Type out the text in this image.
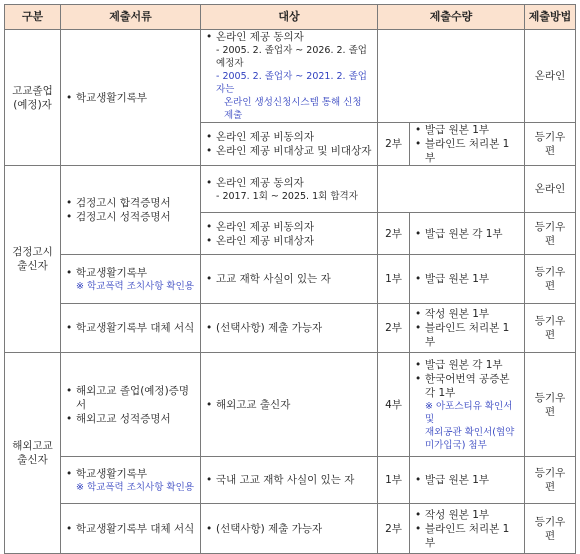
구분	제출서류	대상	제출수량		제출방법
고교졸업
(예정)자	• 학교생활기록부	• 온라인 제공 동의자
- 2005. 2. 졸업자 ~ 2026. 2. 졸업예정자
- 2005. 2. 졸업자 ~ 2021. 2. 졸업자는
온라인 생성신청시스템 통해 신청 제출			온라인

		• 온라인 제공 비동의자
• 온라인 제공 비대상교 및 비대상자	2부	• 발급 원본 1부
• 블라인드 처리본 1부	등기우편
검정고시
출신자	• 검정고시 합격증명서
• 검정고시 성적증명서	• 온라인 제공 동의자
- 2017. 1회 ~ 2025. 1회 합격자			온라인

		• 온라인 제공 비동의자
• 온라인 제공 비대상자	2부	• 발급 원본 각 1부	등기우편

	• 학교생활기록부
※ 학교폭력 조치사항 확인용	• 고교 재학 사실이 있는 자	1부	• 발급 원본 1부	등기우편

	• 학교생활기록부 대체 서식	• (선택사항) 제출 가능자	2부	• 작성 원본 1부
• 블라인드 처리본 1부	등기우편
해외고교
출신자	• 해외고교 졸업(예정)증명서
• 해외고교 성적증명서	• 해외고교 출신자	4부	• 발급 원본 각 1부
• 한국어번역 공증본 각 1부
※ 아포스티유 확인서 및
재외공관 확인서(협약
미가입국) 첨부	등기우편

	• 학교생활기록부
※ 학교폭력 조치사항 확인용	• 국내 고교 재학 사실이 있는 자	1부	• 발급 원본 1부	등기우편

	• 학교생활기록부 대체 서식	• (선택사항) 제출 가능자	2부	• 작성 원본 1부
• 블라인드 처리본 1부	등기우편
